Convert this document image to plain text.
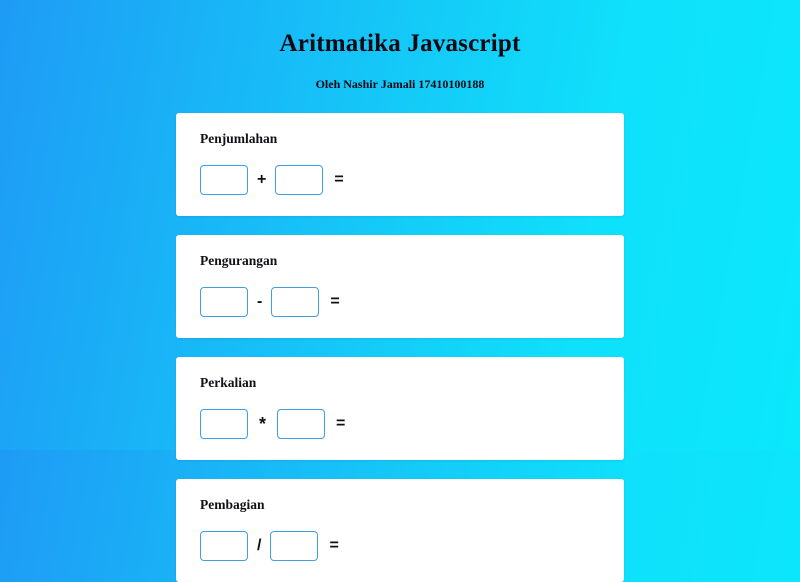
Aritmatika Javascript
Oleh Nashir Jamali 17410100188
Penjumlahan
+	=
Pengurangan
-	=
Perkalian
*	=
Pembagian
/	=
